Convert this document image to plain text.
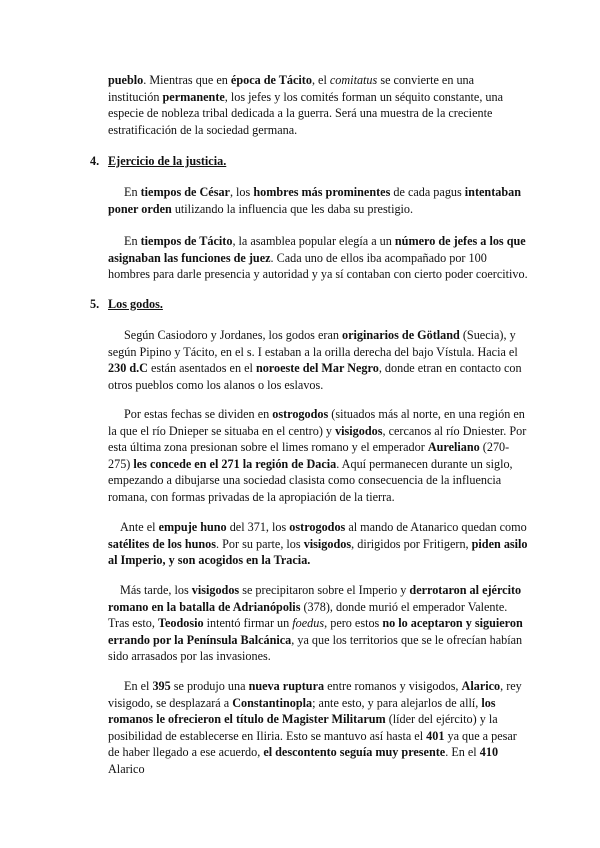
pueblo. Mientras que en época de Tácito, el comitatus se convierte en una institución permanente, los jefes y los comités forman un séquito constante, una especie de nobleza tribal dedicada a la guerra. Será una muestra de la creciente estratificación de la sociedad germana.

4. Ejercicio de la justicia.

En tiempos de César, los hombres más prominentes de cada pagus intentaban poner orden utilizando la influencia que les daba su prestigio.

En tiempos de Tácito, la asamblea popular elegía a un número de jefes a los que asignaban las funciones de juez. Cada uno de ellos iba acompañado por 100 hombres para darle presencia y autoridad y ya sí contaban con cierto poder coercitivo.

5. Los godos.

Según Casiodoro y Jordanes, los godos eran originarios de Götland (Suecia), y según Pipino y Tácito, en el s. I estaban a la orilla derecha del bajo Vístula. Hacia el 230 d.C están asentados en el noroeste del Mar Negro, donde etran en contacto con otros pueblos como los alanos o los eslavos.

Por estas fechas se dividen en ostrogodos (situados más al norte, en una región en la que el río Dnieper se situaba en el centro) y visigodos, cercanos al río Dniester. Por esta última zona presionan sobre el limes romano y el emperador Aureliano (270-275) les concede en el 271 la región de Dacia. Aquí permanecen durante un siglo, empezando a dibujarse una sociedad clasista como consecuencia de la influencia romana, con formas privadas de la apropiación de la tierra.

Ante el empuje huno del 371, los ostrogodos al mando de Atanarico quedan como satélites de los hunos. Por su parte, los visigodos, dirigidos por Fritigern, piden asilo al Imperio, y son acogidos en la Tracia.

Más tarde, los visigodos se precipitaron sobre el Imperio y derrotaron al ejército romano en la batalla de Adrianópolis (378), donde murió el emperador Valente. Tras esto, Teodosio intentó firmar un foedus, pero estos no lo aceptaron y siguieron errando por la Península Balcánica, ya que los territorios que se le ofrecían habían sido arrasados por las invasiones.

En el 395 se produjo una nueva ruptura entre romanos y visigodos, Alarico, rey visigodo, se desplazará a Constantinopla; ante esto, y para alejarlos de allí, los romanos le ofrecieron el título de Magister Militarum (líder del ejército) y la posibilidad de establecerse en Iliria. Esto se mantuvo así hasta el 401 ya que a pesar de haber llegado a ese acuerdo, el descontento seguía muy presente. En el 410 Alarico
